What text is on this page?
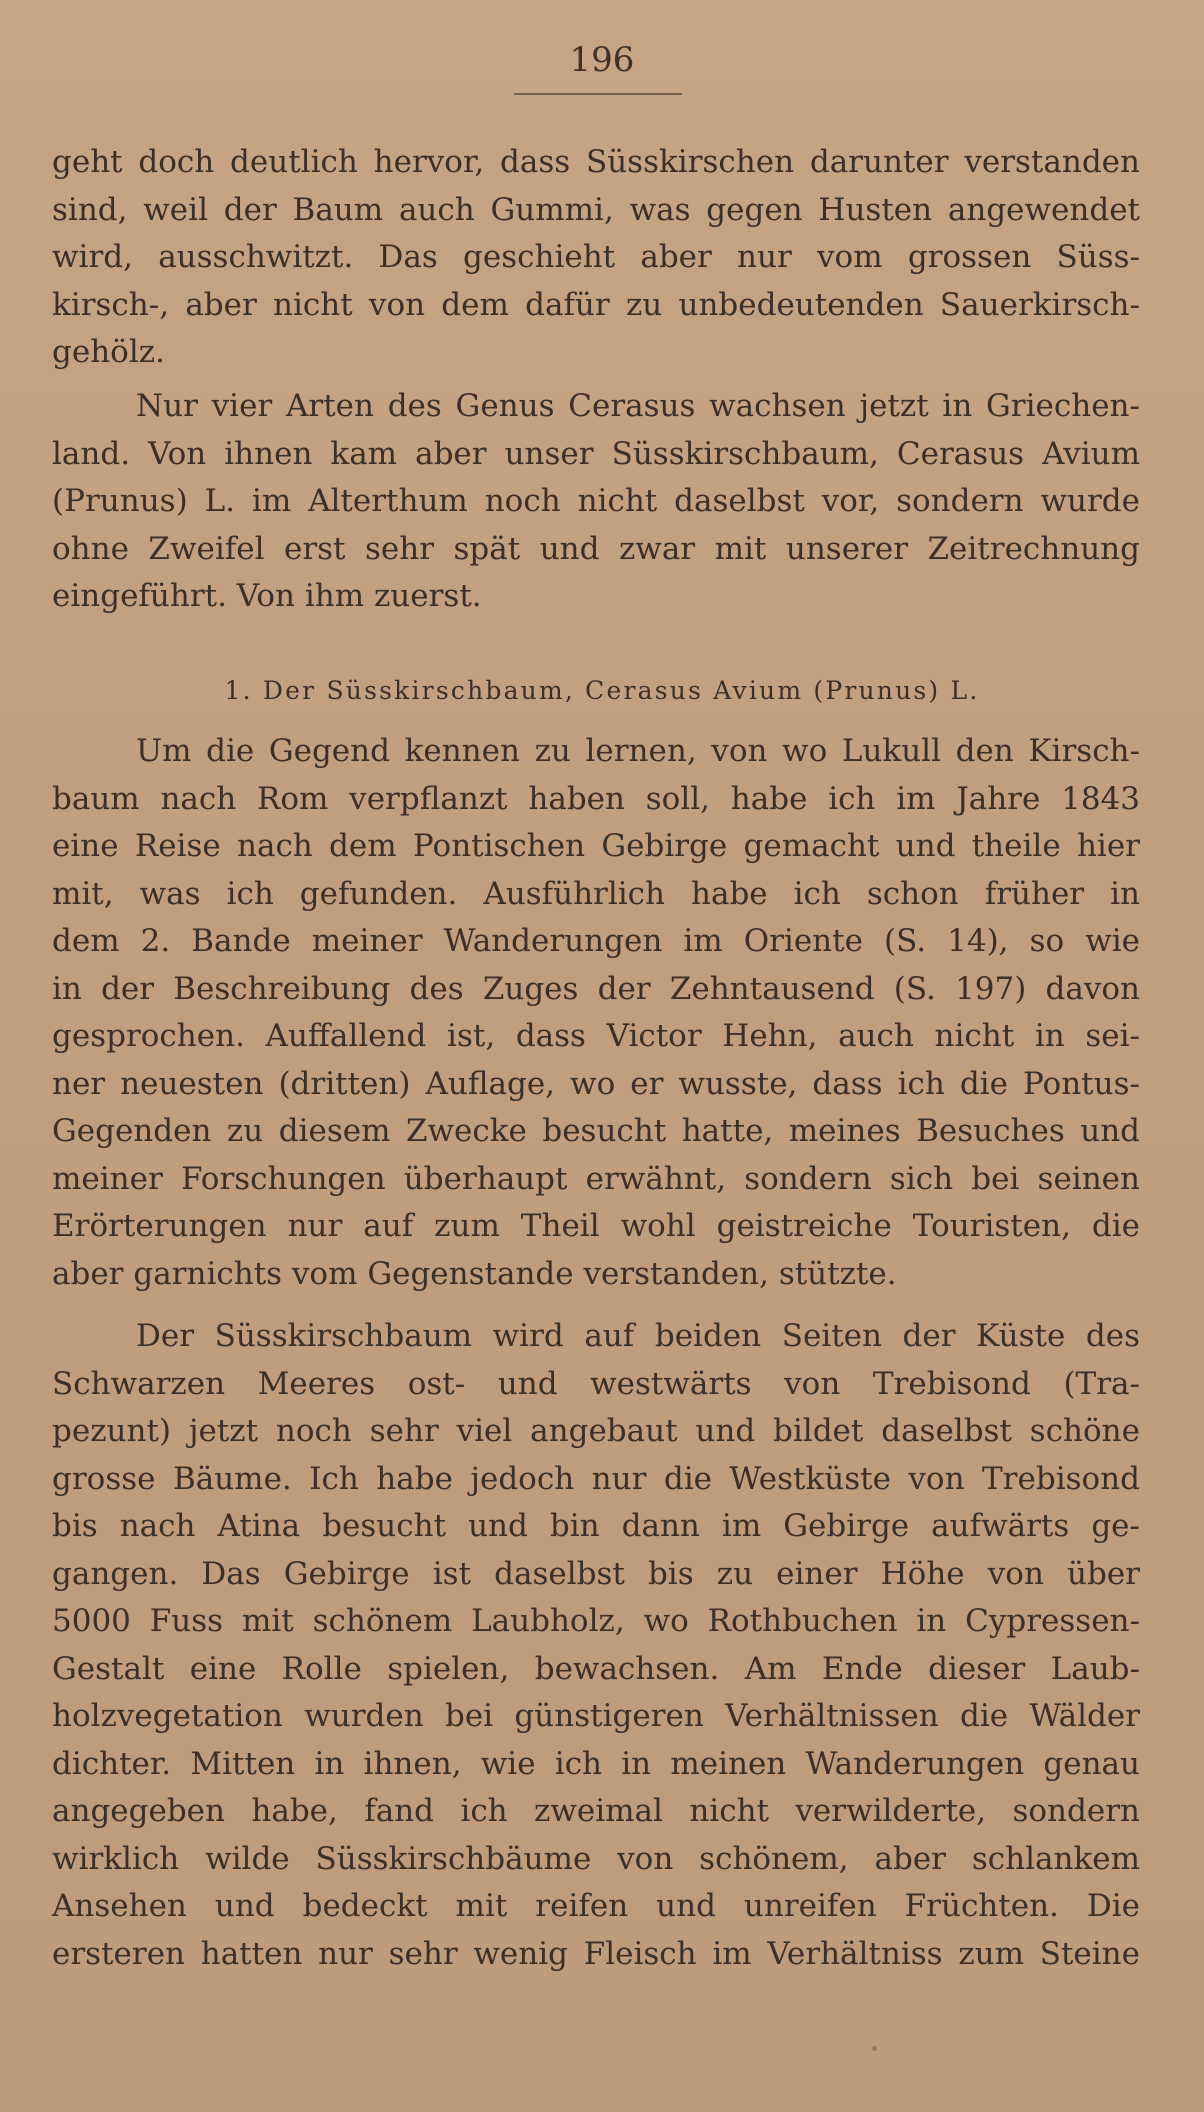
196
geht doch deutlich hervor, dass Süsskirschen darunter verstanden
sind, weil der Baum auch Gummi, was gegen Husten angewendet
wird, ausschwitzt. Das geschieht aber nur vom grossen Süss-
kirsch-, aber nicht von dem dafür zu unbedeutenden Sauerkirsch-
gehölz.
Nur vier Arten des Genus Cerasus wachsen jetzt in Griechen-
land. Von ihnen kam aber unser Süsskirschbaum, Cerasus Avium
(Prunus) L. im Alterthum noch nicht daselbst vor, sondern wurde
ohne Zweifel erst sehr spät und zwar mit unserer Zeitrechnung
eingeführt. Von ihm zuerst.
1. Der Süsskirschbaum, Cerasus Avium (Prunus) L.
Um die Gegend kennen zu lernen, von wo Lukull den Kirsch-
baum nach Rom verpflanzt haben soll, habe ich im Jahre 1843
eine Reise nach dem Pontischen Gebirge gemacht und theile hier
mit, was ich gefunden. Ausführlich habe ich schon früher in
dem 2. Bande meiner Wanderungen im Oriente (S. 14), so wie
in der Beschreibung des Zuges der Zehntausend (S. 197) davon
gesprochen. Auffallend ist, dass Victor Hehn, auch nicht in sei-
ner neuesten (dritten) Auflage, wo er wusste, dass ich die Pontus-
Gegenden zu diesem Zwecke besucht hatte, meines Besuches und
meiner Forschungen überhaupt erwähnt, sondern sich bei seinen
Erörterungen nur auf zum Theil wohl geistreiche Touristen, die
aber garnichts vom Gegenstande verstanden, stützte.
Der Süsskirschbaum wird auf beiden Seiten der Küste des
Schwarzen Meeres ost- und westwärts von Trebisond (Tra-
pezunt) jetzt noch sehr viel angebaut und bildet daselbst schöne
grosse Bäume. Ich habe jedoch nur die Westküste von Trebisond
bis nach Atina besucht und bin dann im Gebirge aufwärts ge-
gangen. Das Gebirge ist daselbst bis zu einer Höhe von über
5000 Fuss mit schönem Laubholz, wo Rothbuchen in Cypressen-
Gestalt eine Rolle spielen, bewachsen. Am Ende dieser Laub-
holzvegetation wurden bei günstigeren Verhältnissen die Wälder
dichter. Mitten in ihnen, wie ich in meinen Wanderungen genau
angegeben habe, fand ich zweimal nicht verwilderte, sondern
wirklich wilde Süsskirschbäume von schönem, aber schlankem
Ansehen und bedeckt mit reifen und unreifen Früchten. Die
ersteren hatten nur sehr wenig Fleisch im Verhältniss zum Steine
